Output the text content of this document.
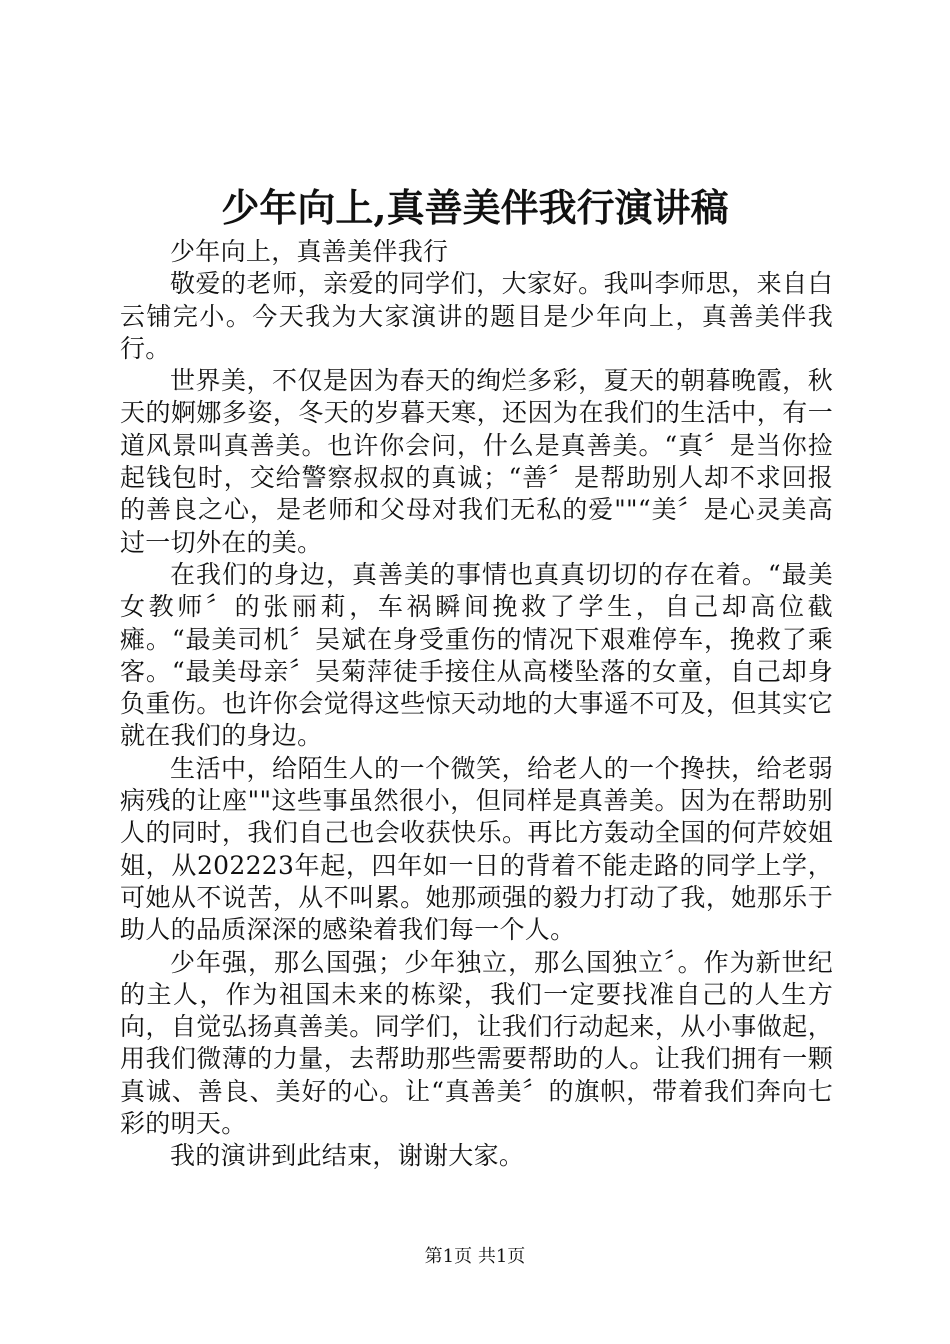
少年向上,真善美伴我行演讲稿

少年向上，真善美伴我行

敬爱的老师，亲爱的同学们，大家好。我叫李师思，来自白云铺完小。今天我为大家演讲的题目是少年向上，真善美伴我行。

世界美，不仅是因为春天的绚烂多彩，夏天的朝暮晚霞，秋天的婀娜多姿，冬天的岁暮天寒，还因为在我们的生活中，有一道风景叫真善美。也许你会问，什么是真善美。“真〞是当你捡起钱包时，交给警察叔叔的真诚；“善〞是帮助别人却不求回报的善良之心，是老师和父母对我们无私的爱""“美〞是心灵美高过一切外在的美。

在我们的身边，真善美的事情也真真切切的存在着。“最美女教师〞的张丽莉，车祸瞬间挽救了学生，自己却高位截瘫。“最美司机〞吴斌在身受重伤的情况下艰难停车，挽救了乘客。“最美母亲〞吴菊萍徒手接住从高楼坠落的女童，自己却身负重伤。也许你会觉得这些惊天动地的大事遥不可及，但其实它就在我们的身边。

生活中，给陌生人的一个微笑，给老人的一个搀扶，给老弱病残的让座""这些事虽然很小，但同样是真善美。因为在帮助别人的同时，我们自己也会收获快乐。再比方轰动全国的何芹姣姐姐，从202223年起，四年如一日的背着不能走路的同学上学，可她从不说苦，从不叫累。她那顽强的毅力打动了我，她那乐于助人的品质深深的感染着我们每一个人。

少年强，那么国强；少年独立，那么国独立〞。作为新世纪的主人，作为祖国未来的栋梁，我们一定要找准自己的人生方向，自觉弘扬真善美。同学们，让我们行动起来，从小事做起，用我们微薄的力量，去帮助那些需要帮助的人。让我们拥有一颗真诚、善良、美好的心。让“真善美〞的旗帜，带着我们奔向七彩的明天。

我的演讲到此结束，谢谢大家。

第1页 共1页
